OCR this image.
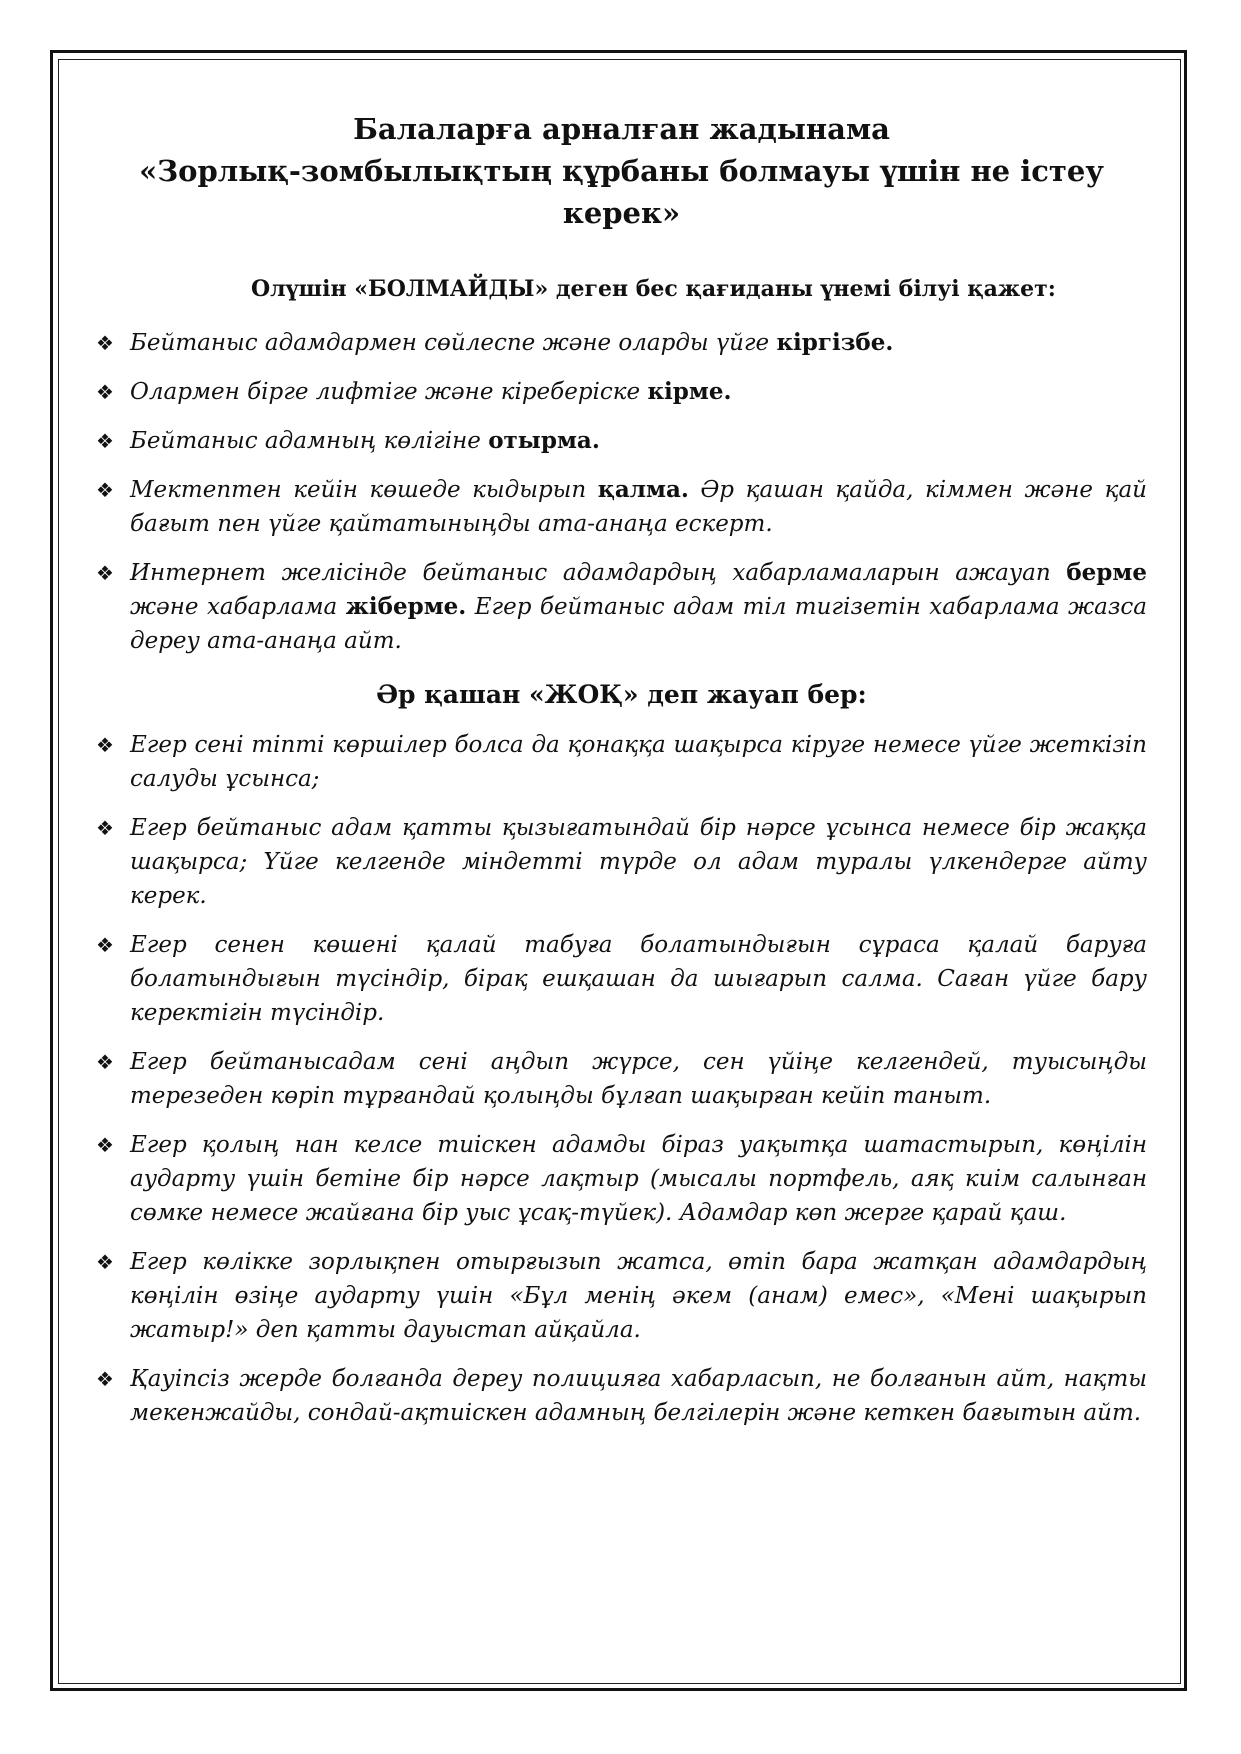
Балаларға арналған жадынама
«Зорлық-зомбылықтың құрбаны болмауы үшін не істеу керек»
Олүшін «БОЛМАЙДЫ» деген бес қағиданы үнемі білуі қажет:
❖ Бейтаныс адамдармен сөйлеспе және оларды үйге кіргізбе.
❖ Олармен бірге лифтіге және кіреберіске кірме.
❖ Бейтаныс адамның көлігіне отырма.
❖ Мектептен кейін көшеде кыдырып қалма. Әр қашан қайда, кіммен және қай бағыт пен үйге қайтатыныңды ата-анаңа ескерт.
❖ Интернет желісінде бейтаныс адамдардың хабарламаларын ажауап берме және хабарлама жіберме. Егер бейтаныс адам тіл тигізетін хабарлама жазса дереу ата-анаңа айт.
Әр қашан «ЖОҚ» деп жауап бер:
❖ Егер сені тіпті көршілер болса да қонаққа шақырса кіруге немесе үйге жеткізіп салуды ұсынса;
❖ Егер бейтаныс адам қатты қызығатындай бір нәрсе ұсынса немесе бір жаққа шақырса; Үйге келгенде міндетті түрде ол адам туралы үлкендерге айту керек.
❖ Егер сенен көшені қалай табуға болатындығын сұраса қалай баруға болатындығын түсіндір, бірақ ешқашан да шығарып салма. Саған үйге бару керектігін түсіндір.
❖ Егер бейтанысадам сені аңдып жүрсе, сен үйіңе келгендей, туысыңды терезеден көріп тұрғандай қолыңды бұлғап шақырған кейіп таныт.
❖ Егер қолың нан келсе тиіскен адамды біраз уақытқа шатастырып, көңілін аударту үшін бетіне бір нәрсе лақтыр (мысалы портфель, аяқ киім салынған сөмке немесе жайғана бір уыс ұсақ-түйек). Адамдар көп жерге қарай қаш.
❖ Егер көлікке зорлықпен отырғызып жатса, өтіп бара жатқан адамдардың көңілін өзіңе аударту үшін «Бұл менің әкем (анам) емес», «Мені шақырып жатыр!» деп қатты дауыстап айқайла.
❖ Қауіпсіз жерде болғанда дереу полицияға хабарласып, не болғанын айт, нақты мекенжайды, сондай-ақтиіскен адамның белгілерін және кеткен бағытын айт.
